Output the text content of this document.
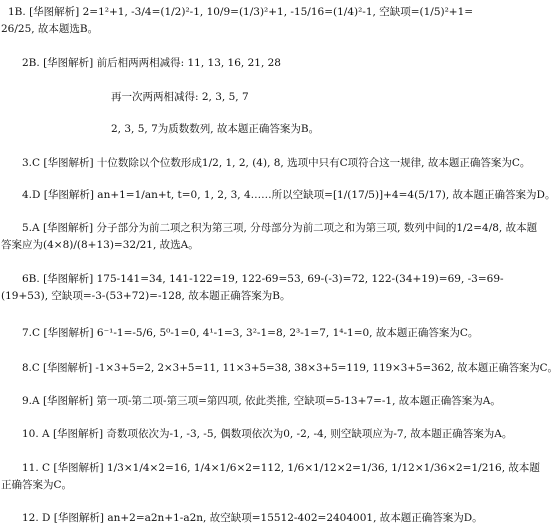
1B. [华图解析] 2=1²+1, -3/4=(1/2)²-1, 10/9=(1/3)²+1, -15/16=(1/4)²-1, 空缺项=(1/5)²+1=
26/25, 故本题选B。
2B. [华图解析] 前后相两两相减得: 11, 13, 16, 21, 28
再一次两两相减得: 2, 3, 5, 7
2, 3, 5, 7为质数数列, 故本题正确答案为B。
3.C [华图解析] 十位数除以个位数形成1/2, 1, 2, (4), 8, 选项中只有C项符合这一规律, 故本题正确答案为C。
4.D [华图解析] an+1=1/an+t, t=0, 1, 2, 3, 4……所以空缺项=[1/(17/5)]+4=4(5/17), 故本题正确答案为D。
5.A [华图解析] 分子部分为前二项之积为第三项, 分母部分为前二项之和为第三项, 数列中间的1/2=4/8, 故本题
答案应为(4×8)/(8+13)=32/21, 故选A。
6B. [华图解析] 175-141=34, 141-122=19, 122-69=53, 69-(-3)=72, 122-(34+19)=69, -3=69-
(19+53), 空缺项=-3-(53+72)=-128, 故本题正确答案为B。
7.C [华图解析] 6⁻¹-1=-5/6, 5⁰-1=0, 4¹-1=3, 3²-1=8, 2³-1=7, 1⁴-1=0, 故本题正确答案为C。
8.C [华图解析] -1×3+5=2, 2×3+5=11, 11×3+5=38, 38×3+5=119, 119×3+5=362, 故本题正确答案为C。
9.A [华图解析] 第一项-第二项-第三项=第四项, 依此类推, 空缺项=5-13+7=-1, 故本题正确答案为A。
10. A [华图解析] 奇数项依次为-1, -3, -5, 偶数项依次为0, -2, -4, 则空缺项应为-7, 故本题正确答案为A。
11. C [华图解析] 1/3×1/4×2=16, 1/4×1/6×2=112, 1/6×1/12×2=1/36, 1/12×1/36×2=1/216, 故本题
正确答案为C。
12. D [华图解析] an+2=a2n+1-a2n, 故空缺项=15512-402=2404001, 故本题正确答案为D。
